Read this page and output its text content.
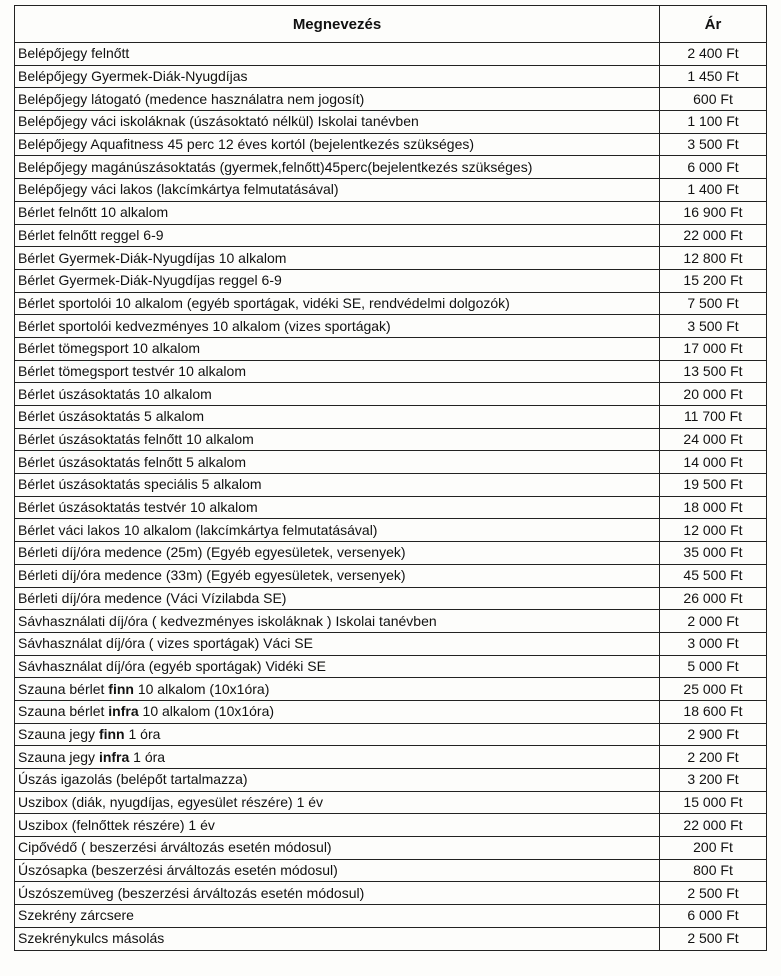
Megnevezés	Ár
Belépőjegy felnőtt	2 400 Ft
Belépőjegy Gyermek-Diák-Nyugdíjas	1 450 Ft
Belépőjegy látogató (medence használatra nem jogosít)	600 Ft
Belépőjegy váci iskoláknak (úszásoktató nélkül) Iskolai tanévben	1 100 Ft
Belépőjegy Aquafitness 45 perc 12 éves kortól (bejelentkezés szükséges)	3 500 Ft
Belépőjegy magánúszásoktatás (gyermek,felnőtt)45perc(bejelentkezés szükséges)	6 000 Ft
Belépőjegy váci lakos (lakcímkártya felmutatásával)	1 400 Ft
Bérlet felnőtt 10 alkalom	16 900 Ft
Bérlet felnőtt reggel 6-9	22 000 Ft
Bérlet Gyermek-Diák-Nyugdíjas 10 alkalom	12 800 Ft
Bérlet Gyermek-Diák-Nyugdíjas reggel 6-9	15 200 Ft
Bérlet sportolói 10 alkalom (egyéb sportágak, vidéki SE, rendvédelmi dolgozók)	7 500 Ft
Bérlet sportolói kedvezményes 10 alkalom (vizes sportágak)	3 500 Ft
Bérlet tömegsport 10 alkalom	17 000 Ft
Bérlet tömegsport testvér 10 alkalom	13 500 Ft
Bérlet úszásoktatás 10 alkalom	20 000 Ft
Bérlet úszásoktatás 5 alkalom	11 700 Ft
Bérlet úszásoktatás felnőtt 10 alkalom	24 000 Ft
Bérlet úszásoktatás felnőtt 5 alkalom	14 000 Ft
Bérlet úszásoktatás speciális 5 alkalom	19 500 Ft
Bérlet úszásoktatás testvér 10 alkalom	18 000 Ft
Bérlet váci lakos 10 alkalom (lakcímkártya felmutatásával)	12 000 Ft
Bérleti díj/óra medence (25m) (Egyéb egyesületek, versenyek)	35 000 Ft
Bérleti díj/óra medence (33m) (Egyéb egyesületek, versenyek)	45 500 Ft
Bérleti díj/óra medence (Váci Vízilabda SE)	26 000 Ft
Sávhasználati díj/óra ( kedvezményes iskoláknak ) Iskolai tanévben	2 000 Ft
Sávhasználat díj/óra ( vizes sportágak) Váci SE	3 000 Ft
Sávhasználat díj/óra (egyéb sportágak) Vidéki SE	5 000 Ft
Szauna bérlet finn 10 alkalom (10x1óra)	25 000 Ft
Szauna bérlet infra 10 alkalom (10x1óra)	18 600 Ft
Szauna jegy finn 1 óra	2 900 Ft
Szauna jegy infra 1 óra	2 200 Ft
Úszás igazolás (belépőt tartalmazza)	3 200 Ft
Uszibox (diák, nyugdíjas, egyesület részére) 1 év	15 000 Ft
Uszibox (felnőttek részére) 1 év	22 000 Ft
Cipővédő ( beszerzési árváltozás esetén módosul)	200 Ft
Úszósapka (beszerzési árváltozás esetén módosul)	800 Ft
Úszószemüveg (beszerzési árváltozás esetén módosul)	2 500 Ft
Szekrény zárcsere	6 000 Ft
Szekrénykulcs másolás	2 500 Ft
